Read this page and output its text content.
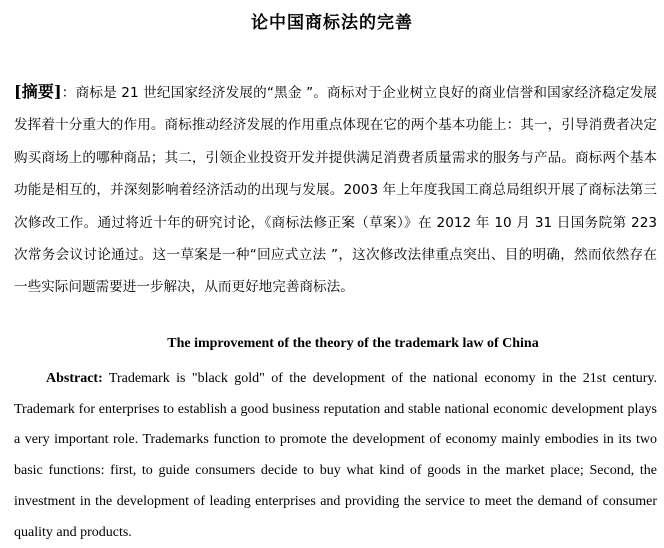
论中国商标法的完善

[摘要]：商标是 21 世纪国家经济发展的“黑金 ”。商标对于企业树立良好的商业信誉和国家经济稳定发展发挥着十分重大的作用。商标推动经济发展的作用重点体现在它的两个基本功能上：其一，引导消费者决定购买商场上的哪种商品；其二，引领企业投资开发并提供满足消费者质量需求的服务与产品。商标两个基本功能是相互的，并深刻影响着经济活动的出现与发展。2003 年上年度我国工商总局组织开展了商标法第三次修改工作。通过将近十年的研究讨论，《商标法修正案（草案）》在 2012 年 10 月 31 日国务院第 223 次常务会议讨论通过。这一草案是一种“回应式立法 ”，这次修改法律重点突出、目的明确，然而依然存在一些实际问题需要进一步解决，从而更好地完善商标法。

The improvement of the theory of the trademark law of China

Abstract: Trademark is "black gold" of the development of the national economy in the 21st century. Trademark for enterprises to establish a good business reputation and stable national economic development plays a very important role. Trademarks function to promote the development of economy mainly embodies in its two basic functions: first, to guide consumers decide to buy what kind of goods in the market place; Second, the investment in the development of leading enterprises and providing the service to meet the demand of consumer quality and products.
